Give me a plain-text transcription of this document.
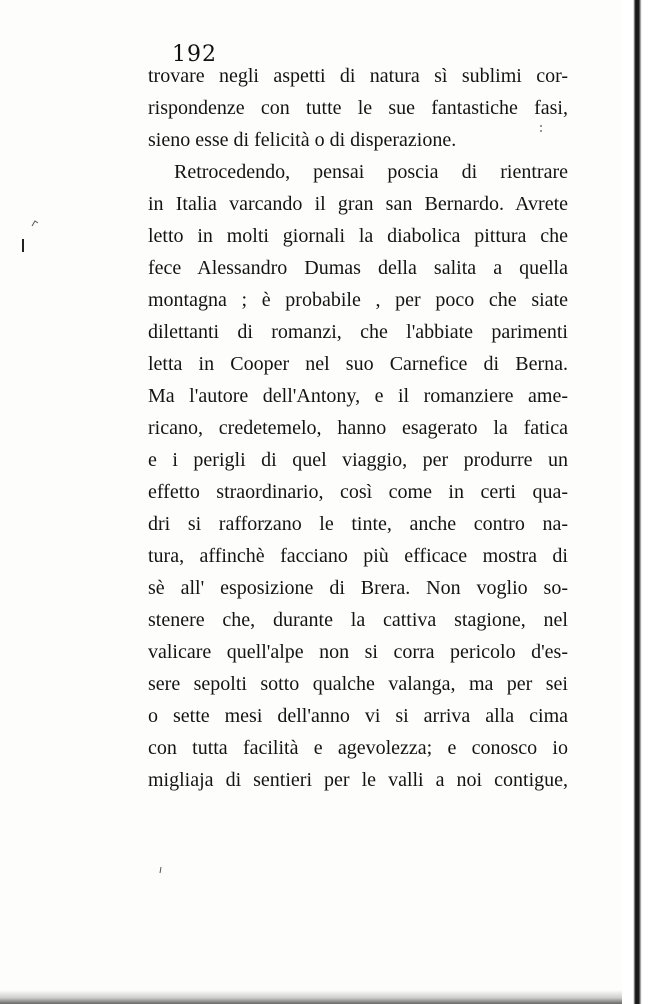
192
trovare negli aspetti di natura sì sublimi cor-
rispondenze con tutte le sue fantastiche fasi,
sieno esse di felicità o di disperazione.
Retrocedendo, pensai poscia di rientrare
in Italia varcando il gran san Bernardo. Avrete
letto in molti giornali la diabolica pittura che
fece Alessandro Dumas della salita a quella
montagna ; è probabile , per poco che siate
dilettanti di romanzi, che l'abbiate parimenti
letta in Cooper nel suo Carnefice di Berna.
Ma l'autore dell'Antony, e il romanziere ame-
ricano, credetemelo, hanno esagerato la fatica
e i perigli di quel viaggio, per produrre un
effetto straordinario, così come in certi qua-
dri si rafforzano le tinte, anche contro na-
tura, affinchè facciano più efficace mostra di
sè all' esposizione di Brera. Non voglio so-
stenere che, durante la cattiva stagione, nel
valicare quell'alpe non si corra pericolo d'es-
sere sepolti sotto qualche valanga, ma per sei
o sette mesi dell'anno vi si arriva alla cima
con tutta facilità e agevolezza; e conosco io
migliaja di sentieri per le valli a noi contigue,
